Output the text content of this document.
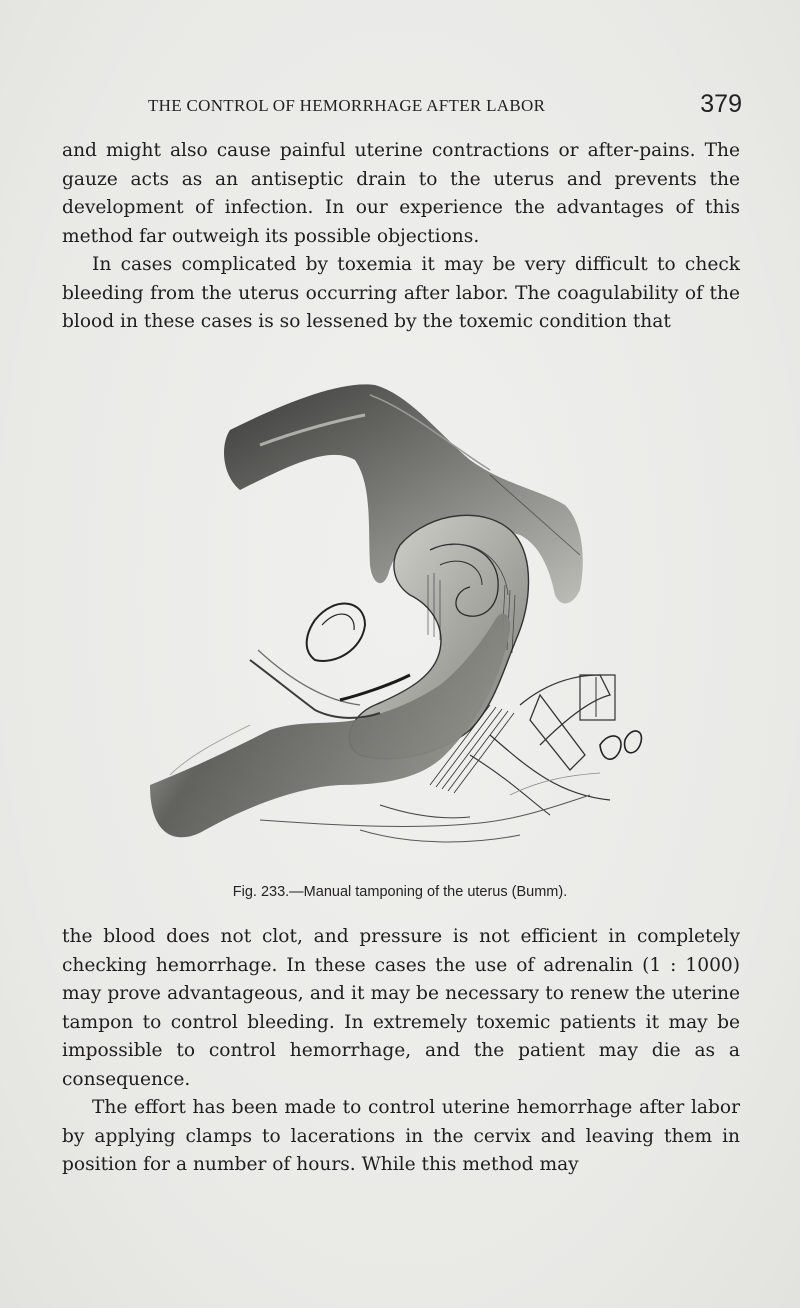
THE CONTROL OF HEMORRHAGE AFTER LABOR	379

and might also cause painful uterine contractions or after-pains. The gauze acts as an antiseptic drain to the uterus and prevents the development of infection. In our experience the advantages of this method far outweigh its possible objections.

In cases complicated by toxemia it may be very difficult to check bleeding from the uterus occurring after labor. The coagulability of the blood in these cases is so lessened by the toxemic condition that

Fig. 233.—Manual tamponing of the uterus (Bumm).

the blood does not clot, and pressure is not efficient in completely checking hemorrhage. In these cases the use of adrenalin (1 : 1000) may prove advantageous, and it may be necessary to renew the uterine tampon to control bleeding. In extremely toxemic patients it may be impossible to control hemorrhage, and the patient may die as a consequence.

The effort has been made to control uterine hemorrhage after labor by applying clamps to lacerations in the cervix and leaving them in position for a number of hours. While this method may
